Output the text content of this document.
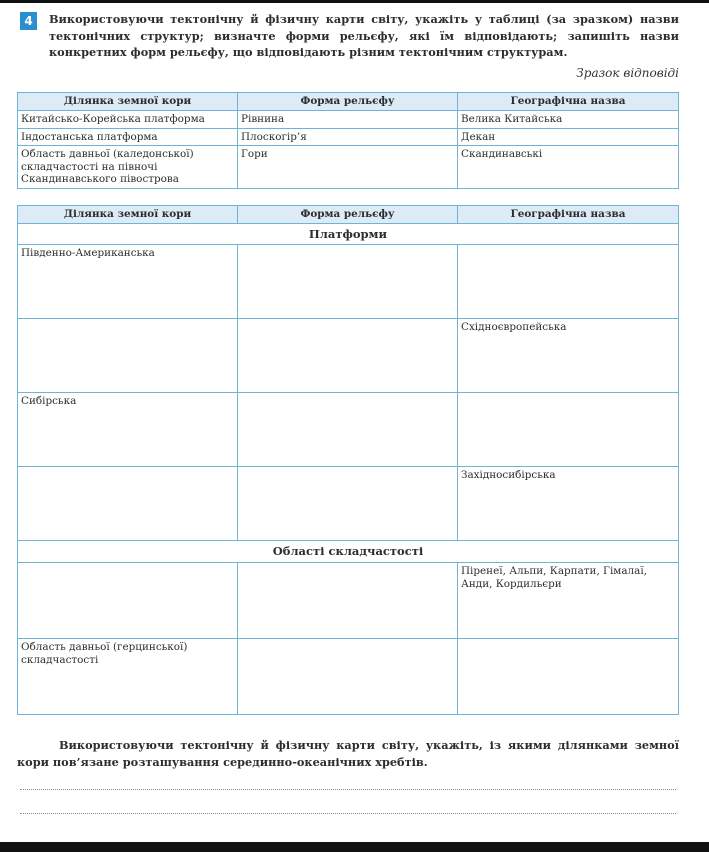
4	Використовуючи тектонічну й фізичну карти світу, укажіть у таблиці (за зразком) назви тектонічних структур; визначте форми рельєфу, які їм відповідають; запишіть назви конкретних форм рельєфу, що відповідають різним тектонічним структурам.
Зразок відповіді
Ділянка земної кори	Форма рельєфу	Географічна назва
Китайсько-Корейська платформа	Рівнина	Велика Китайська
Індостанська платформа	Плоскогір’я	Декан
Область давньої (каледонської) складчастості на півночі Скандинавського півострова	Гори	Скандинавські
Ділянка земної кори	Форма рельєфу	Географічна назва
Платформи		
Південно-Американська		
		Східноєвропейська
Сибірська		
		Західносибірська
Області складчастості		
		Піренеї, Альпи, Карпати, Гімалаї, Анди, Кордильєри
Область давньої (герцинської) складчастості		
Використовуючи тектонічну й фізичну карти світу, укажіть, із якими ділянками земної кори пов’язане розташування серединно-океанічних хребтів.
